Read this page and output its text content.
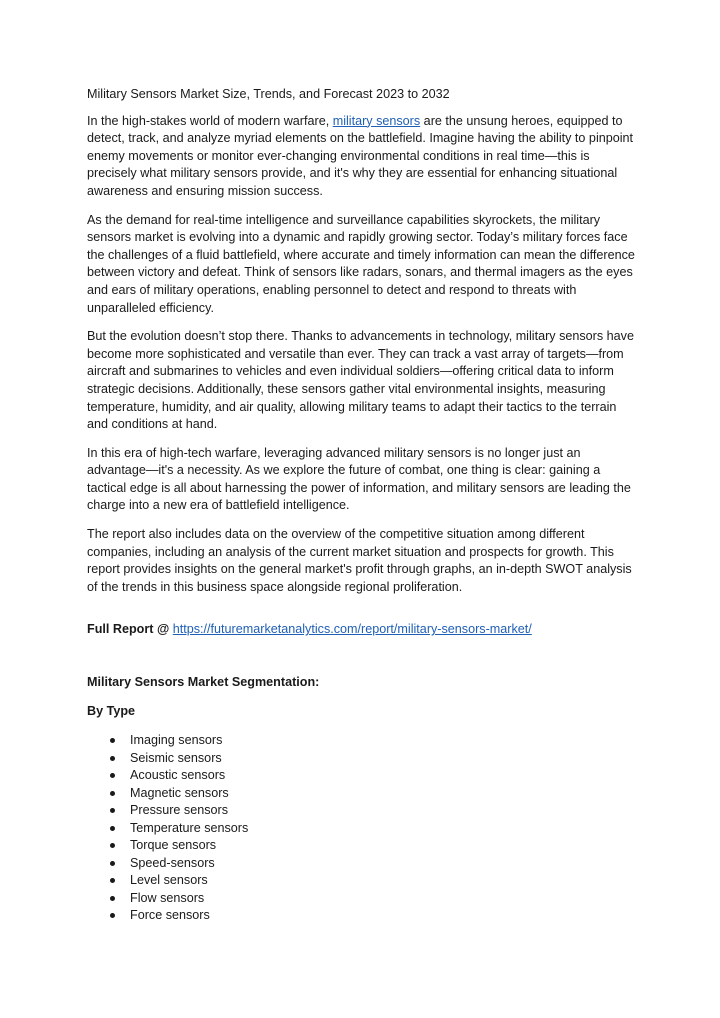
Military Sensors Market Size, Trends, and Forecast 2023 to 2032

In the high-stakes world of modern warfare, military sensors are the unsung heroes, equipped to detect, track, and analyze myriad elements on the battlefield. Imagine having the ability to pinpoint enemy movements or monitor ever-changing environmental conditions in real time—this is precisely what military sensors provide, and it's why they are essential for enhancing situational awareness and ensuring mission success.

As the demand for real-time intelligence and surveillance capabilities skyrockets, the military sensors market is evolving into a dynamic and rapidly growing sector. Today’s military forces face the challenges of a fluid battlefield, where accurate and timely information can mean the difference between victory and defeat. Think of sensors like radars, sonars, and thermal imagers as the eyes and ears of military operations, enabling personnel to detect and respond to threats with unparalleled efficiency.

But the evolution doesn’t stop there. Thanks to advancements in technology, military sensors have become more sophisticated and versatile than ever. They can track a vast array of targets—from aircraft and submarines to vehicles and even individual soldiers—offering critical data to inform strategic decisions. Additionally, these sensors gather vital environmental insights, measuring temperature, humidity, and air quality, allowing military teams to adapt their tactics to the terrain and conditions at hand.

In this era of high-tech warfare, leveraging advanced military sensors is no longer just an advantage—it's a necessity. As we explore the future of combat, one thing is clear: gaining a tactical edge is all about harnessing the power of information, and military sensors are leading the charge into a new era of battlefield intelligence.

The report also includes data on the overview of the competitive situation among different companies, including an analysis of the current market situation and prospects for growth. This report provides insights on the general market's profit through graphs, an in-depth SWOT analysis of the trends in this business space alongside regional proliferation.

Full Report @ https://futuremarketanalytics.com/report/military-sensors-market/

Military Sensors Market Segmentation:

By Type

Imaging sensors
Seismic sensors
Acoustic sensors
Magnetic sensors
Pressure sensors
Temperature sensors
Torque sensors
Speed-sensors
Level sensors
Flow sensors
Force sensors
